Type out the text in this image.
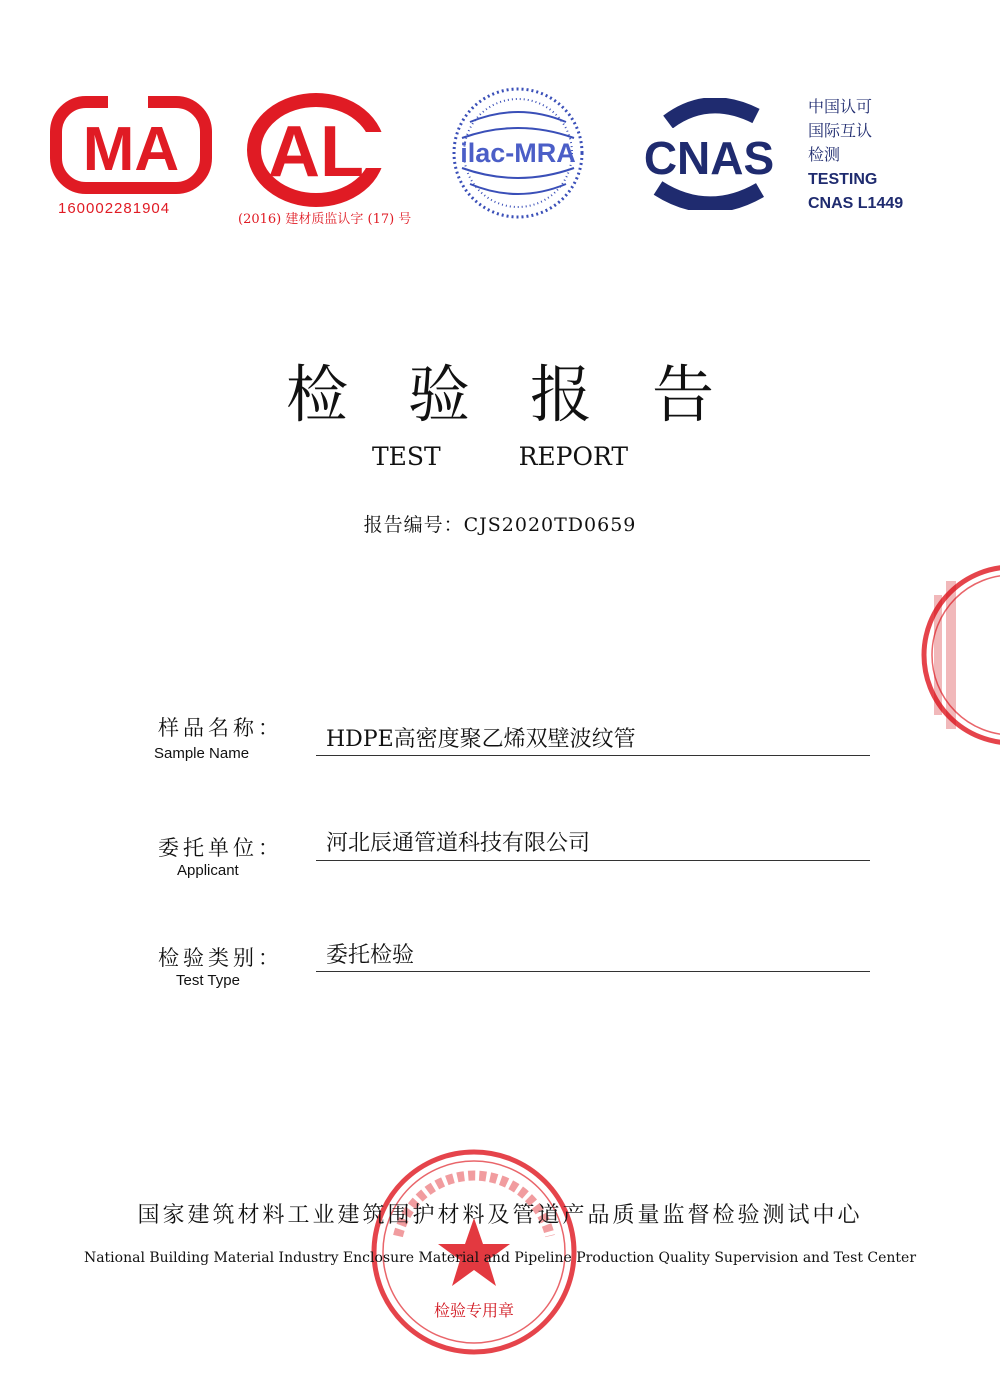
MA
160002281904
AL
(2016) 建材质监认字 (17) 号
ilac-MRA CNAS
中国认可
国际互认
检测
TESTING
CNAS L1449
检验报告
TEST REPORT
报告编号：CJS2020TD0659
样品名称：
Sample Name
HDPE高密度聚乙烯双壁波纹管
委托单位：
Applicant
河北辰通管道科技有限公司
检验类别：
Test Type
委托检验
检验专用章
国家建筑材料工业建筑围护材料及管道产品质量监督检验测试中心
National Building Material Industry Enclosure Material and Pipeline Production Quality Supervision and Test Center
